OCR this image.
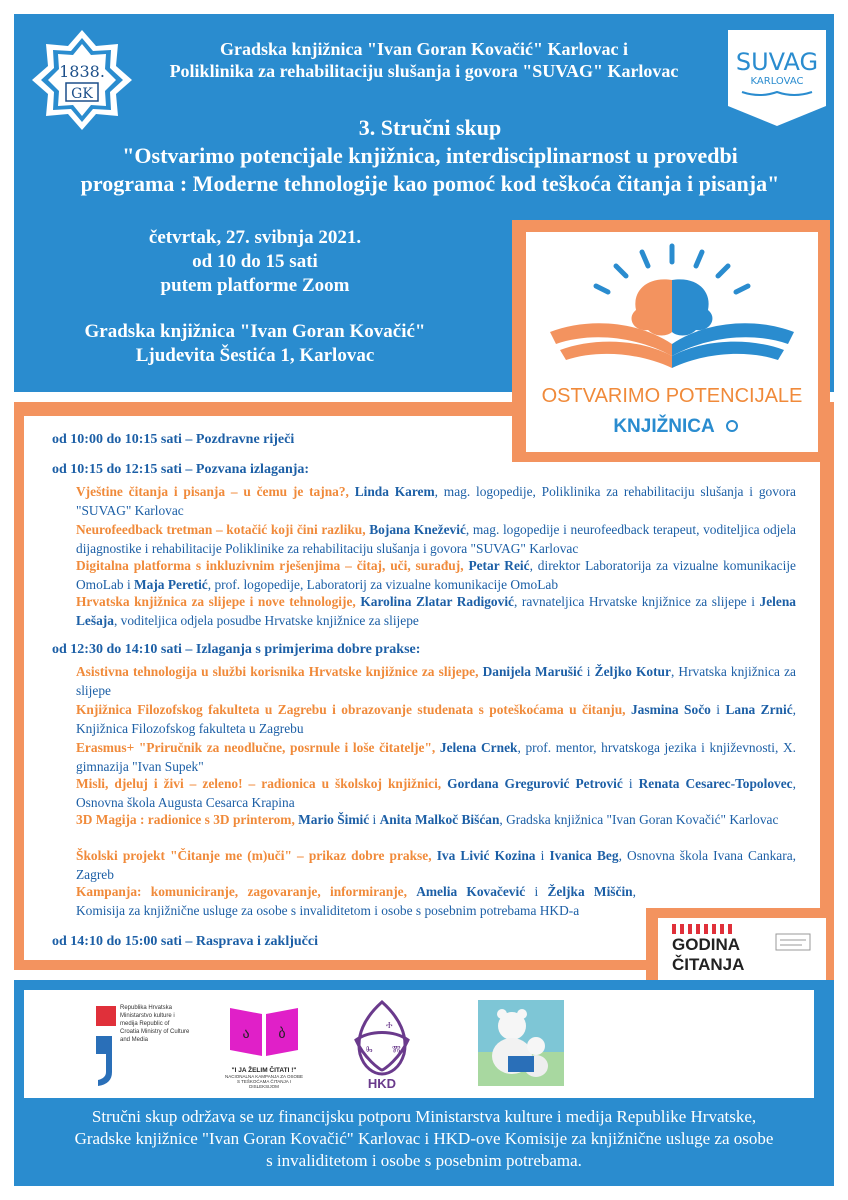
1838.
GK
SUVAG
KARLOVAC
Gradska knjižnica "Ivan Goran Kovačić" Karlovac i
Poliklinika za rehabilitaciju slušanja i govora "SUVAG" Karlovac
3. Stručni skup
"Ostvarimo potencijale knjižnica, interdisciplinarnost u provedbi
programa : Moderne tehnologije kao pomoć kod teškoća čitanja i pisanja"
četvrtak, 27. svibnja 2021.
od 10 do 15 sati
putem platforme Zoom
Gradska knjižnica "Ivan Goran Kovačić"
Ljudevita Šestića 1, Karlovac
OSTVARIMO POTENCIJALE
KNJIŽNICA
od 10:00 do 10:15 sati – Pozdravne riječi
od 10:15 do 12:15 sati – Pozvana izlaganja:
Vještine čitanja i pisanja – u čemu je tajna?, Linda Karem, mag. logopedije, Poliklinika za rehabilitaciju slušanja i govora "SUVAG" Karlovac
Neurofeedback tretman – kotačić koji čini razliku, Bojana Knežević, mag. logopedije i neurofeedback terapeut, voditeljica odjela dijagnostike i rehabilitacije Poliklinike za rehabilitaciju slušanja i govora "SUVAG" Karlovac
Digitalna platforma s inkluzivnim rješenjima – čitaj, uči, surađuj, Petar Reić, direktor Laboratorija za vizualne komunikacije OmoLab i Maja Peretić, prof. logopedije, Laboratorij za vizualne komunikacije OmoLab
Hrvatska knjižnica za slijepe i nove tehnologije, Karolina Zlatar Radigović, ravnateljica Hrvatske knjižnice za slijepe i Jelena Lešaja, voditeljica odjela posudbe Hrvatske knjižnice za slijepe
od 12:30 do 14:10 sati – Izlaganja s primjerima dobre prakse:
Asistivna tehnologija u službi korisnika Hrvatske knjižnice za slijepe, Danijela Marušić i Željko Kotur, Hrvatska knjižnica za slijepe
Knjižnica Filozofskog fakulteta u Zagrebu i obrazovanje studenata s poteškoćama u čitanju, Jasmina Sočo i Lana Zrnić, Knjižnica Filozofskog fakulteta u Zagrebu
Erasmus+ "Priručnik za neodlučne, posrnule i loše čitatelje", Jelena Crnek, prof. mentor, hrvatskoga jezika i književnosti, X. gimnazija "Ivan Supek"
Misli, djeluj i živi – zeleno! – radionica u školskoj knjižnici, Gordana Gregurović Petrović i Renata Cesarec-Topolovec, Osnovna škola Augusta Cesarca Krapina
3D Magija : radionice s 3D printerom, Mario Šimić i Anita Malkoč Bišćan, Gradska knjižnica "Ivan Goran Kovačić" Karlovac
Školski projekt "Čitanje me (m)uči" – prikaz dobre prakse, Iva Livić Kozina i Ivanica Beg, Osnovna škola Ivana Cankara, Zagreb
Kampanja: komuniciranje, zagovaranje, informiranje, Amelia Kovačević i Željka Miščin, Komisija za knjižnične usluge za osobe s invaliditetom i osobe s posebnim potrebama HKD-a
od 14:10 do 15:00 sati – Rasprava i zaključci	GODINA
ČITANJA
Republika Hrvatska Ministarstvo kulture i medija Republic of Croatia Ministry of Culture and Media	ა ბ
"I JA ŽELIM ČITATI !"
NACIONALNA KAMPANJA ZA OSOBE S TEŠKOĆAMA ČITANJA I DISLEKSIJOM
ⰰ
ⰸ ⰿ
HKD
Stručni skup održava se uz financijsku potporu Ministarstva kulture i medija Republike Hrvatske,
Gradske knjižnice "Ivan Goran Kovačić" Karlovac i HKD-ove Komisije za knjižnične usluge za osobe
s invaliditetom i osobe s posebnim potrebama.
